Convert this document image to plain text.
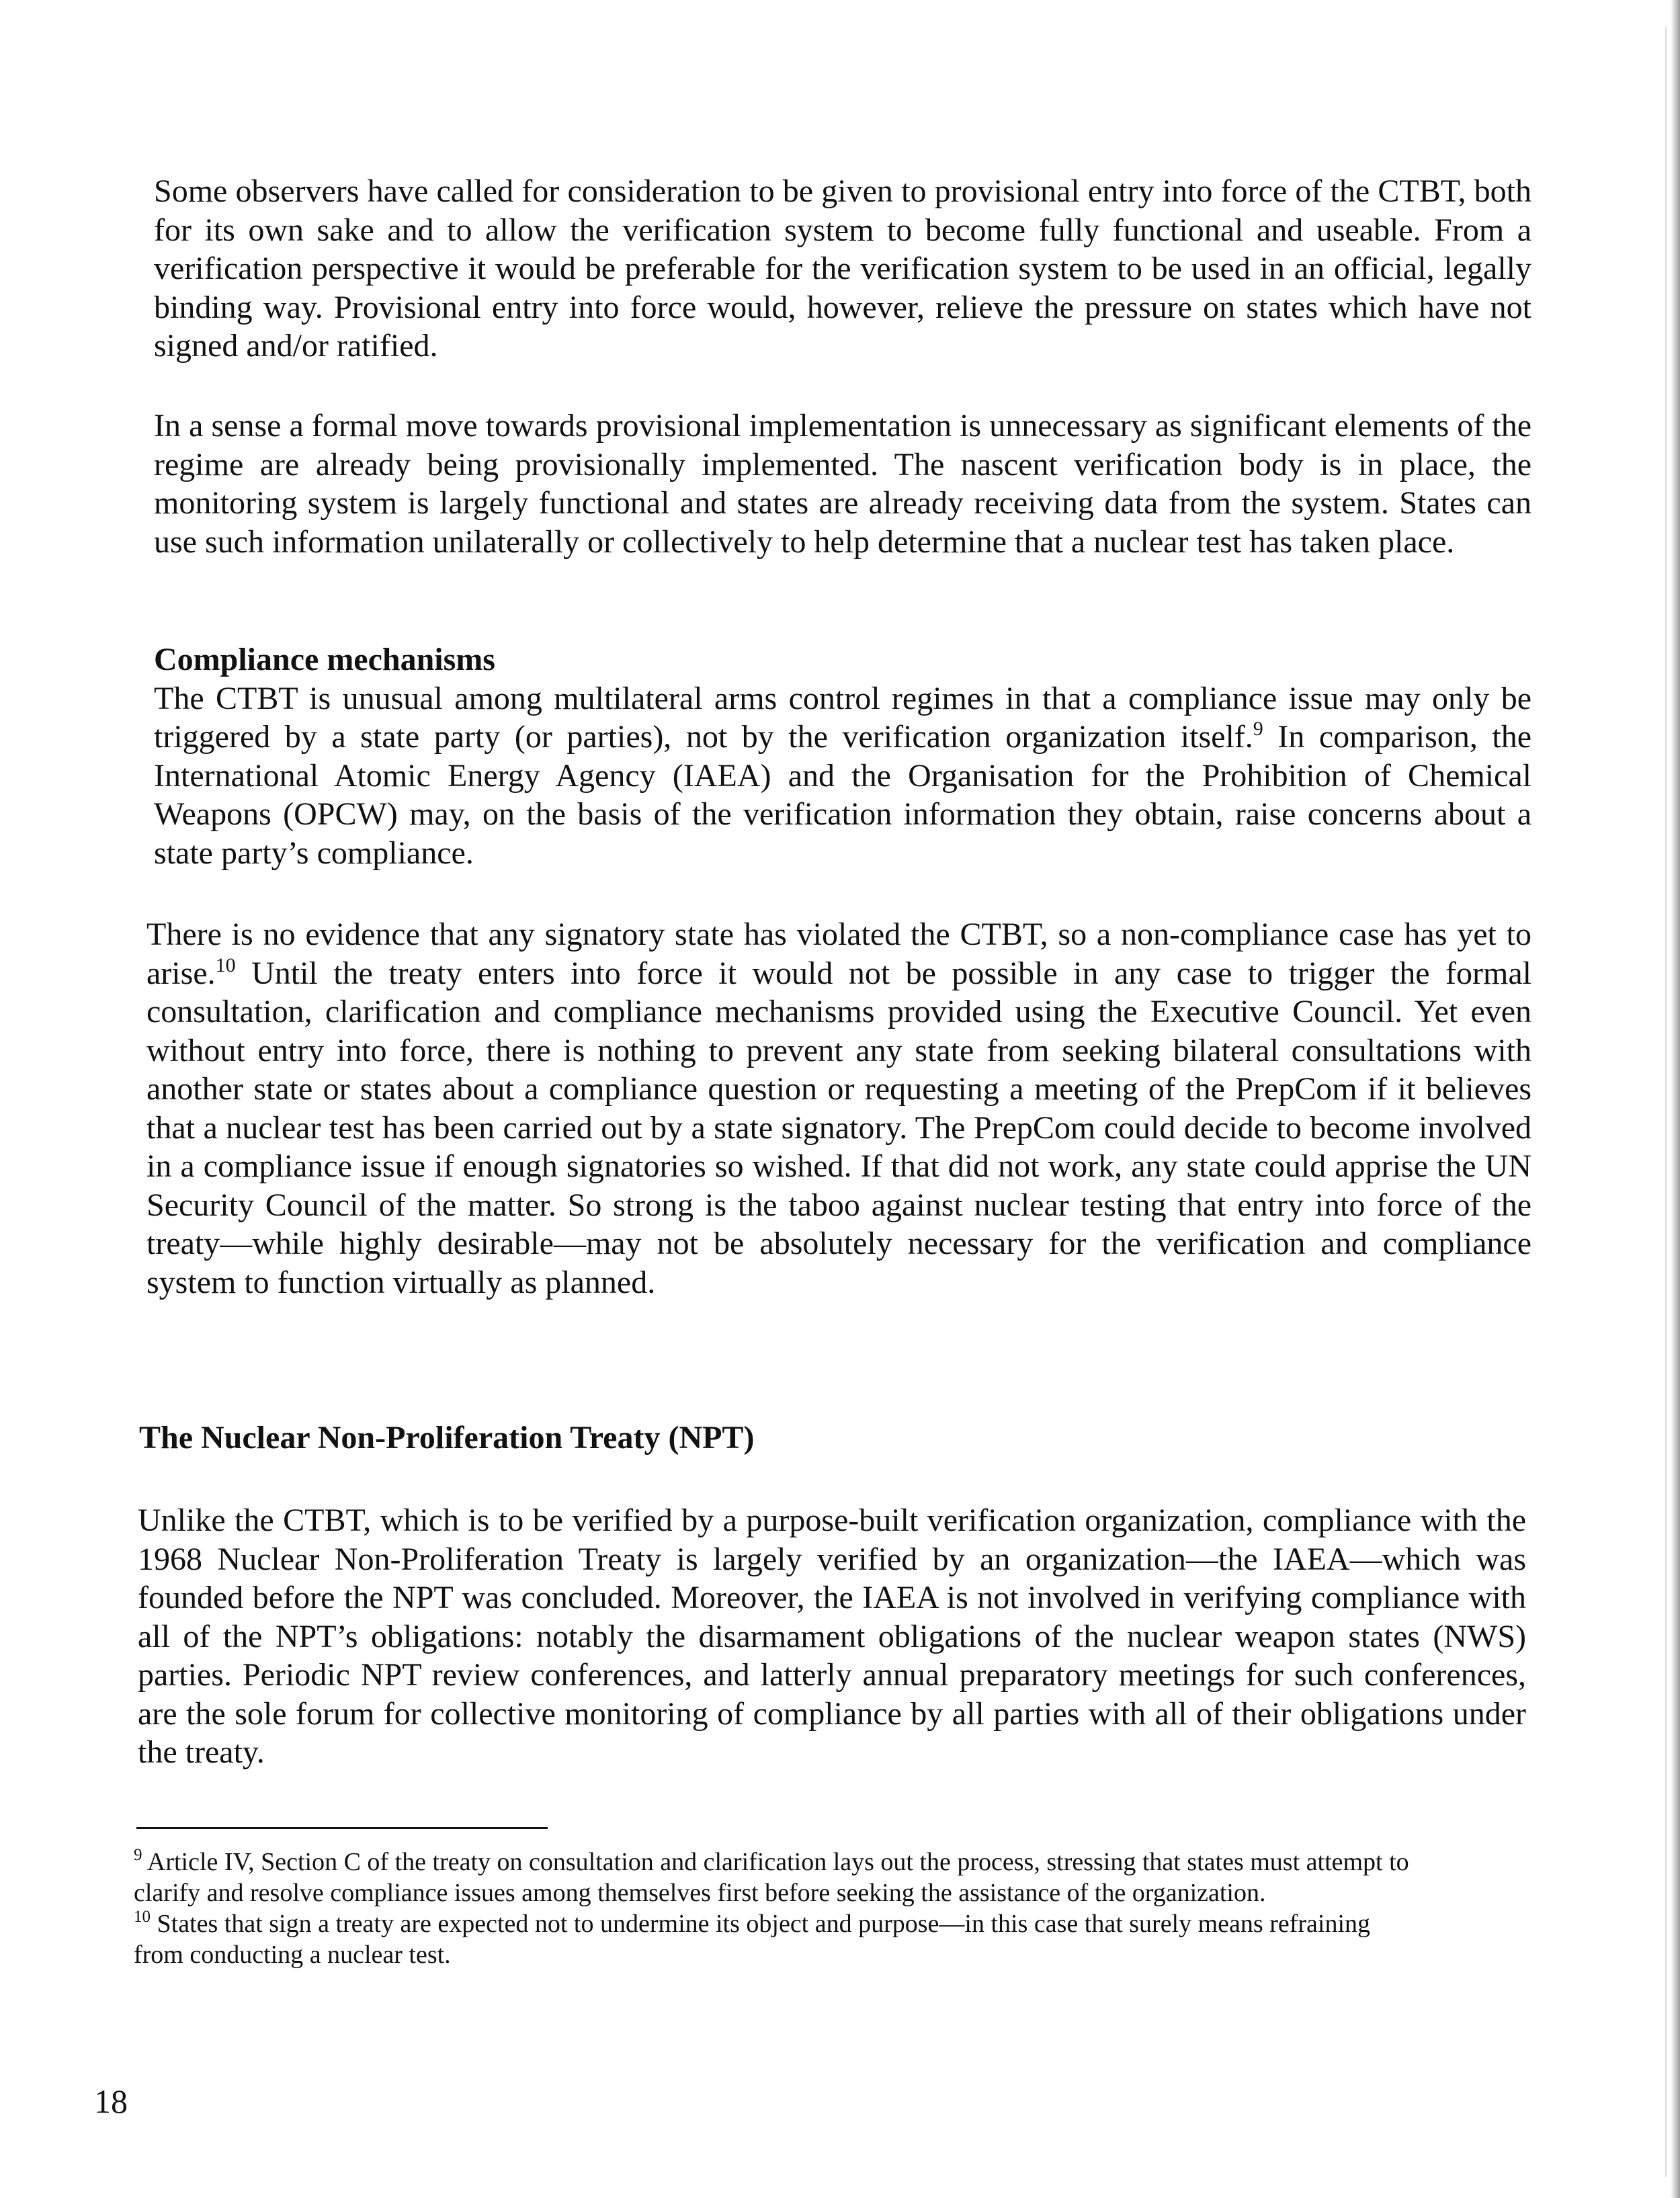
Some observers have called for consideration to be given to provisional entry into force of the CTBT, both for its own sake and to allow the verification system to become fully functional and useable. From a verification perspective it would be preferable for the verification system to be used in an official, legally binding way. Provisional entry into force would, however, relieve the pressure on states which have not signed and/or ratified.

In a sense a formal move towards provisional implementation is unnecessary as significant elements of the regime are already being provisionally implemented. The nascent verification body is in place, the monitoring system is largely functional and states are already receiving data from the system. States can use such information unilaterally or collectively to help determine that a nuclear test has taken place.

Compliance mechanisms
The CTBT is unusual among multilateral arms control regimes in that a compliance issue may only be triggered by a state party (or parties), not by the verification organization itself.$^9$ In comparison, the International Atomic Energy Agency (IAEA) and the Organisation for the Prohibition of Chemical Weapons (OPCW) may, on the basis of the verification information they obtain, raise concerns about a state party’s compliance.

There is no evidence that any signatory state has violated the CTBT, so a non-compliance case has yet to arise.$^{10}$ Until the treaty enters into force it would not be possible in any case to trigger the formal consultation, clarification and compliance mechanisms provided using the Executive Council. Yet even without entry into force, there is nothing to prevent any state from seeking bilateral consultations with another state or states about a compliance question or requesting a meeting of the PrepCom if it believes that a nuclear test has been carried out by a state signatory. The PrepCom could decide to become involved in a compliance issue if enough signatories so wished. If that did not work, any state could apprise the UN Security Council of the matter. So strong is the taboo against nuclear testing that entry into force of the treaty—while highly desirable—may not be absolutely necessary for the verification and compliance system to function virtually as planned.

The Nuclear Non-Proliferation Treaty (NPT)

Unlike the CTBT, which is to be verified by a purpose-built verification organization, compliance with the 1968 Nuclear Non-Proliferation Treaty is largely verified by an organization—the IAEA—which was founded before the NPT was concluded. Moreover, the IAEA is not involved in verifying compliance with all of the NPT’s obligations: notably the disarmament obligations of the nuclear weapon states (NWS) parties. Periodic NPT review conferences, and latterly annual preparatory meetings for such conferences, are the sole forum for collective monitoring of compliance by all parties with all of their obligations under the treaty.

$^9$ Article IV, Section C of the treaty on consultation and clarification lays out the process, stressing that states must attempt to clarify and resolve compliance issues among themselves first before seeking the assistance of the organization.

$^{10}$ States that sign a treaty are expected not to undermine its object and purpose—in this case that surely means refraining from conducting a nuclear test.

18
